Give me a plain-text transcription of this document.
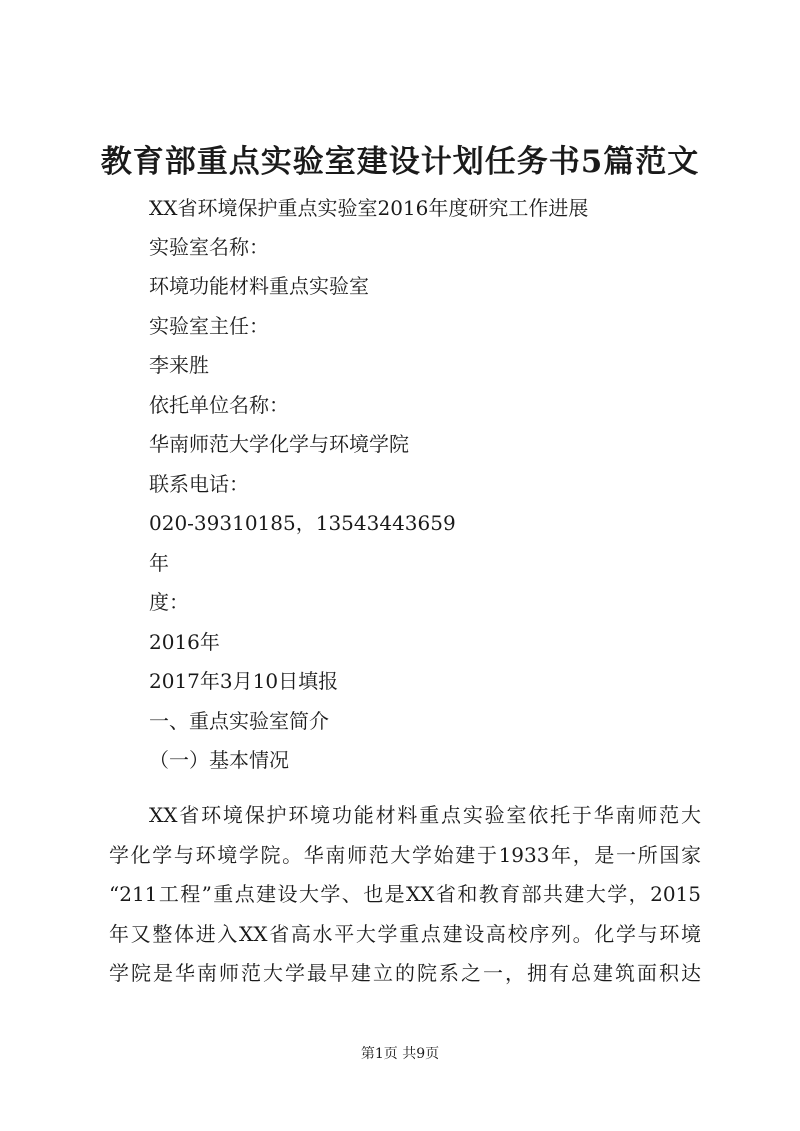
教育部重点实验室建设计划任务书5篇范文
XX省环境保护重点实验室2016年度研究工作进展
实验室名称：
环境功能材料重点实验室
实验室主任：
李来胜
依托单位名称：
华南师范大学化学与环境学院
联系电话：
020-39310185，13543443659
年
度：
2016年
2017年3月10日填报
一、重点实验室简介
（一）基本情况
XX省环境保护环境功能材料重点实验室依托于华南师范大
学化学与环境学院。华南师范大学始建于1933年，是一所国家
“211工程”重点建设大学、也是XX省和教育部共建大学，2015
年又整体进入XX省高水平大学重点建设高校序列。化学与环境
学院是华南师范大学最早建立的院系之一，拥有总建筑面积达
第1页 共9页
